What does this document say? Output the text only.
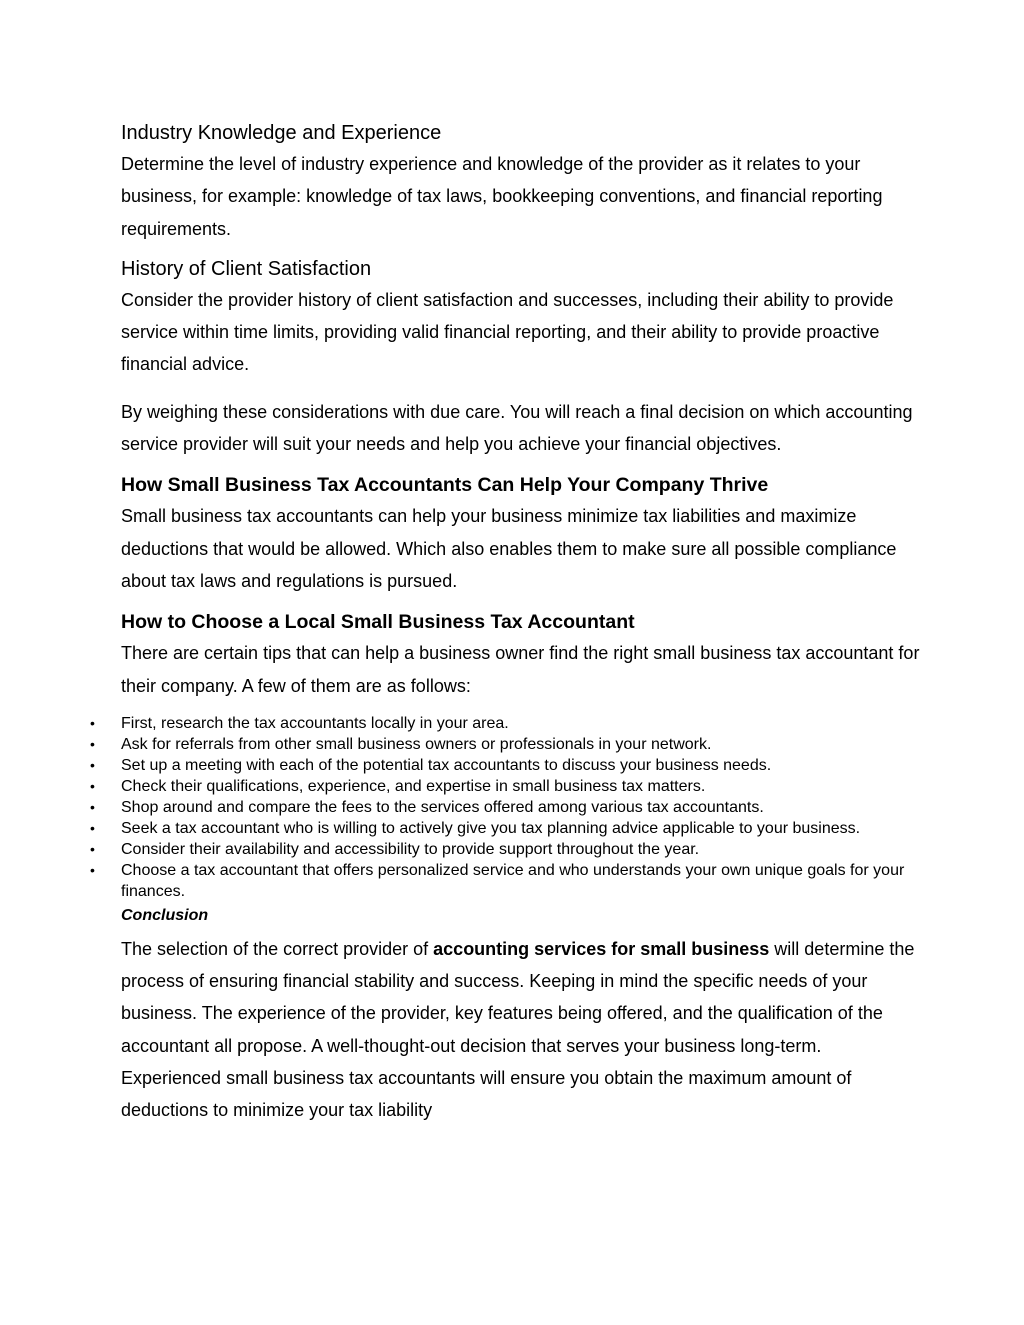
Industry Knowledge and Experience

Determine the level of industry experience and knowledge of the provider as it relates to your business, for example: knowledge of tax laws, bookkeeping conventions, and financial reporting requirements.

History of Client Satisfaction

Consider the provider history of client satisfaction and successes, including their ability to provide service within time limits, providing valid financial reporting, and their ability to provide proactive financial advice.

By weighing these considerations with due care. You will reach a final decision on which accounting service provider will suit your needs and help you achieve your financial objectives.

How Small Business Tax Accountants Can Help Your Company Thrive

Small business tax accountants can help your business minimize tax liabilities and maximize deductions that would be allowed. Which also enables them to make sure all possible compliance about tax laws and regulations is pursued.

How to Choose a Local Small Business Tax Accountant

There are certain tips that can help a business owner find the right small business tax accountant for their company. A few of them are as follows:

• First, research the tax accountants locally in your area.
• Ask for referrals from other small business owners or professionals in your network.
• Set up a meeting with each of the potential tax accountants to discuss your business needs.
• Check their qualifications, experience, and expertise in small business tax matters.
• Shop around and compare the fees to the services offered among various tax accountants.
• Seek a tax accountant who is willing to actively give you tax planning advice applicable to your business.
• Consider their availability and accessibility to provide support throughout the year.
• Choose a tax accountant that offers personalized service and who understands your own unique goals for your finances.
Conclusion

The selection of the correct provider of accounting services for small business will determine the process of ensuring financial stability and success. Keeping in mind the specific needs of your business. The experience of the provider, key features being offered, and the qualification of the accountant all propose. A well-thought-out decision that serves your business long-term. Experienced small business tax accountants will ensure you obtain the maximum amount of deductions to minimize your tax liability
